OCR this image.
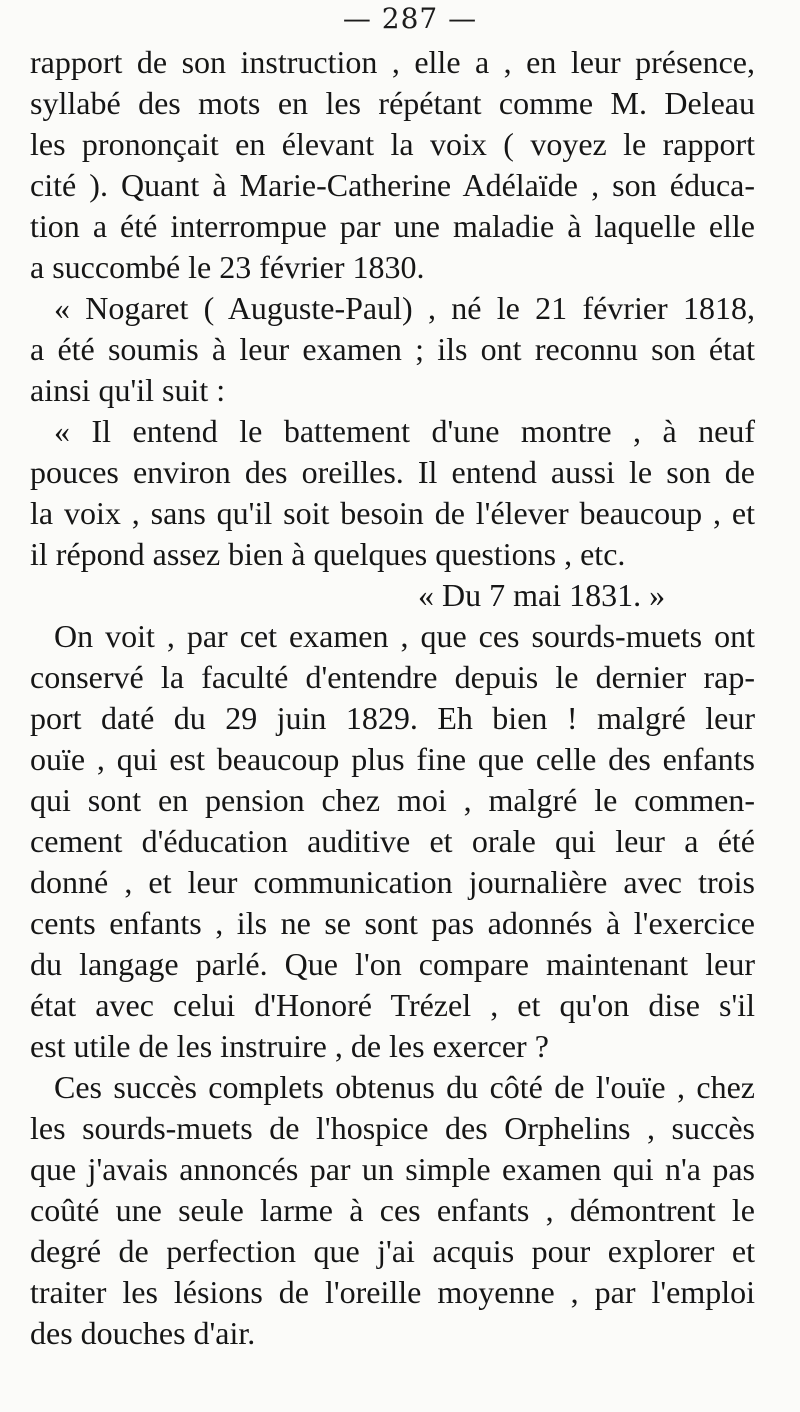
— 287 —
rapport de son instruction , elle a , en leur présence,
syllabé des mots en les répétant comme M. Deleau
les prononçait en élevant la voix ( voyez le rapport
cité ). Quant à Marie-Catherine Adélaïde , son éduca-
tion a été interrompue par une maladie à laquelle elle
a succombé le 23 février 1830.
« Nogaret ( Auguste-Paul) , né le 21 février 1818,
a été soumis à leur examen ; ils ont reconnu son état
ainsi qu'il suit :
« Il entend le battement d'une montre , à neuf
pouces environ des oreilles. Il entend aussi le son de
la voix , sans qu'il soit besoin de l'élever beaucoup , et
il répond assez bien à quelques questions , etc.
« Du 7 mai 1831. »
On voit , par cet examen , que ces sourds-muets ont
conservé la faculté d'entendre depuis le dernier rap-
port daté du 29 juin 1829. Eh bien ! malgré leur
ouïe , qui est beaucoup plus fine que celle des enfants
qui sont en pension chez moi , malgré le commen-
cement d'éducation auditive et orale qui leur a été
donné , et leur communication journalière avec trois
cents enfants , ils ne se sont pas adonnés à l'exercice
du langage parlé. Que l'on compare maintenant leur
état avec celui d'Honoré Trézel , et qu'on dise s'il
est utile de les instruire , de les exercer ?
Ces succès complets obtenus du côté de l'ouïe , chez
les sourds-muets de l'hospice des Orphelins , succès
que j'avais annoncés par un simple examen qui n'a pas
coûté une seule larme à ces enfants , démontrent le
degré de perfection que j'ai acquis pour explorer et
traiter les lésions de l'oreille moyenne , par l'emploi
des douches d'air.
